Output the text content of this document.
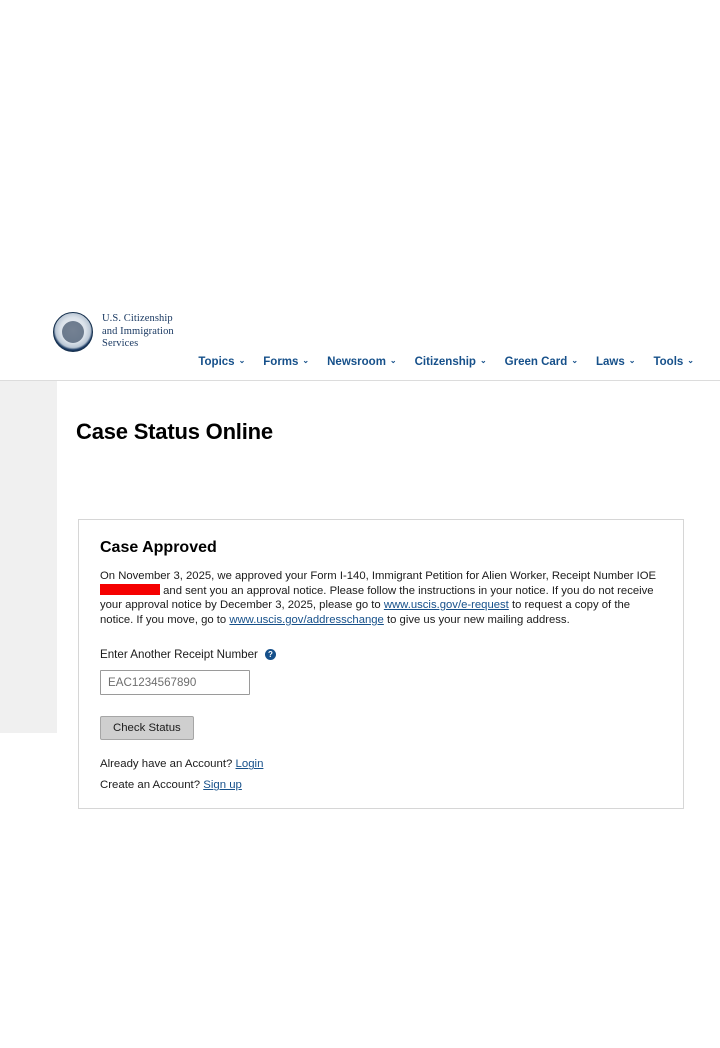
U.S. Citizenship
and Immigration
Services
Topics ⌄ Forms ⌄ Newsroom ⌄ Citizenship ⌄ Green Card ⌄ Laws ⌄ Tools ⌄
Case Status Online
Case Approved

On November 3, 2025, we approved your Form I-140, Immigrant Petition for Alien Worker, Receipt Number IOE and sent you an approval notice. Please follow the instructions in your notice. If you do not receive your approval notice by December 3, 2025, please go to www.uscis.gov/e-request to request a copy of the notice. If you move, go to www.uscis.gov/addresschange to give us your new mailing address.

Enter Another Receipt Number	?
EAC1234567890
Check Status
Already have an Account? Login
Create an Account? Sign up
